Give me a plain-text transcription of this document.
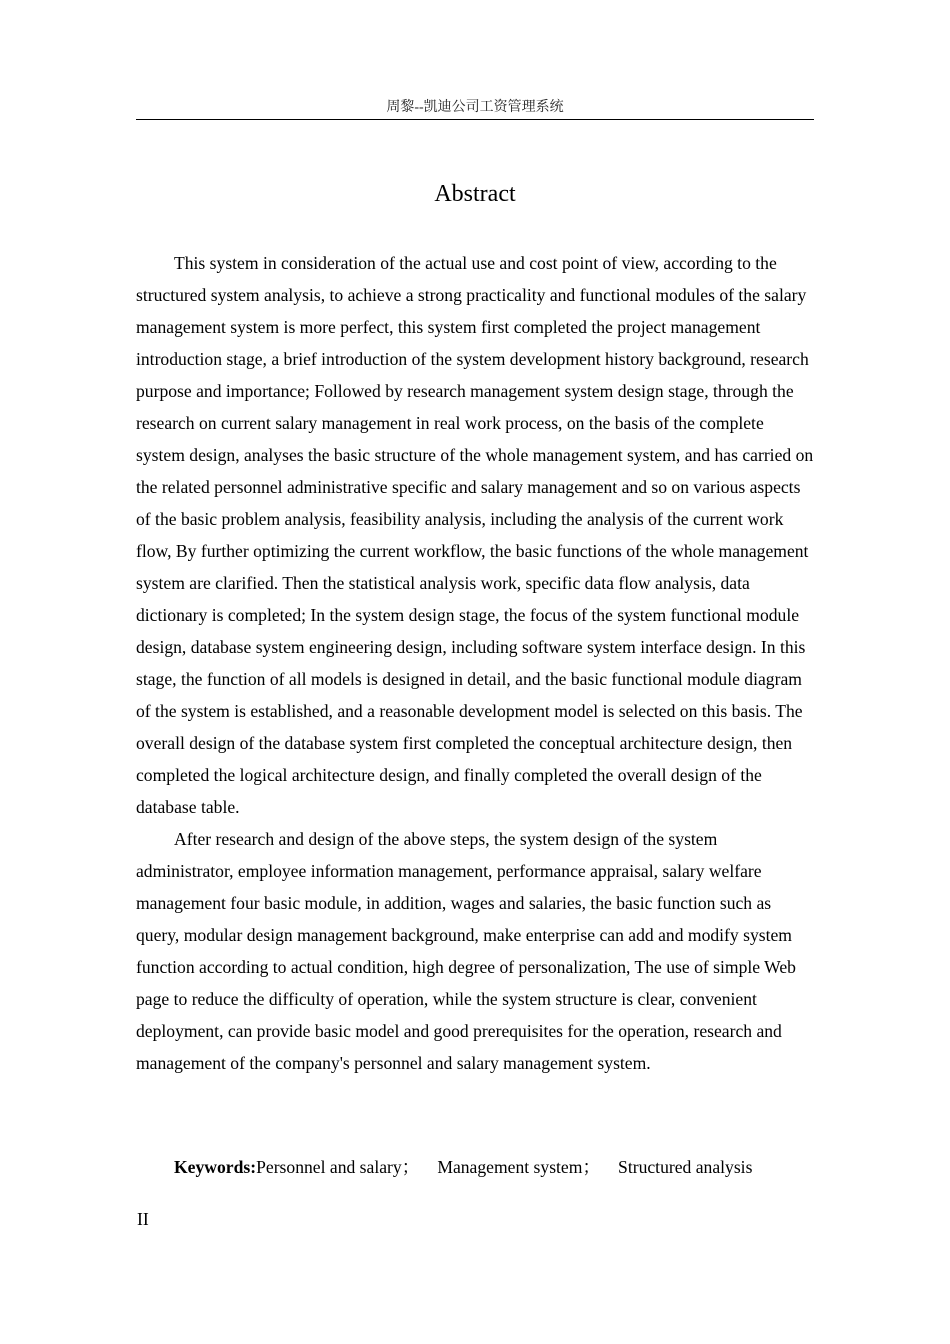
周黎--凯迪公司工资管理系统
Abstract

This system in consideration of the actual use and cost point of view, according to the structured system analysis, to achieve a strong practicality and functional modules of the salary management system is more perfect, this system first completed the project management introduction stage, a brief introduction of the system development history background, research purpose and importance; Followed by research management system design stage, through the research on current salary management in real work process, on the basis of the complete system design, analyses the basic structure of the whole management system, and has carried on the related personnel administrative specific and salary management and so on various aspects of the basic problem analysis, feasibility analysis, including the analysis of the current work flow, By further optimizing the current workflow, the basic functions of the whole management system are clarified. Then the statistical analysis work, specific data flow analysis, data dictionary is completed; In the system design stage, the focus of the system functional module design, database system engineering design, including software system interface design. In this stage, the function of all models is designed in detail, and the basic functional module diagram of the system is established, and a reasonable development model is selected on this basis. The overall design of the database system first completed the conceptual architecture design, then completed the logical architecture design, and finally completed the overall design of the database table.

After research and design of the above steps, the system design of the system administrator, employee information management, performance appraisal, salary welfare management four basic module, in addition, wages and salaries, the basic function such as query, modular design management background, make enterprise can add and modify system function according to actual condition, high degree of personalization, The use of simple Web page to reduce the difficulty of operation, while the system structure is clear, convenient deployment, can provide basic model and good prerequisites for the operation, research and management of the company's personnel and salary management system.

Keywords:Personnel and salary； Management system； Structured analysis
II
